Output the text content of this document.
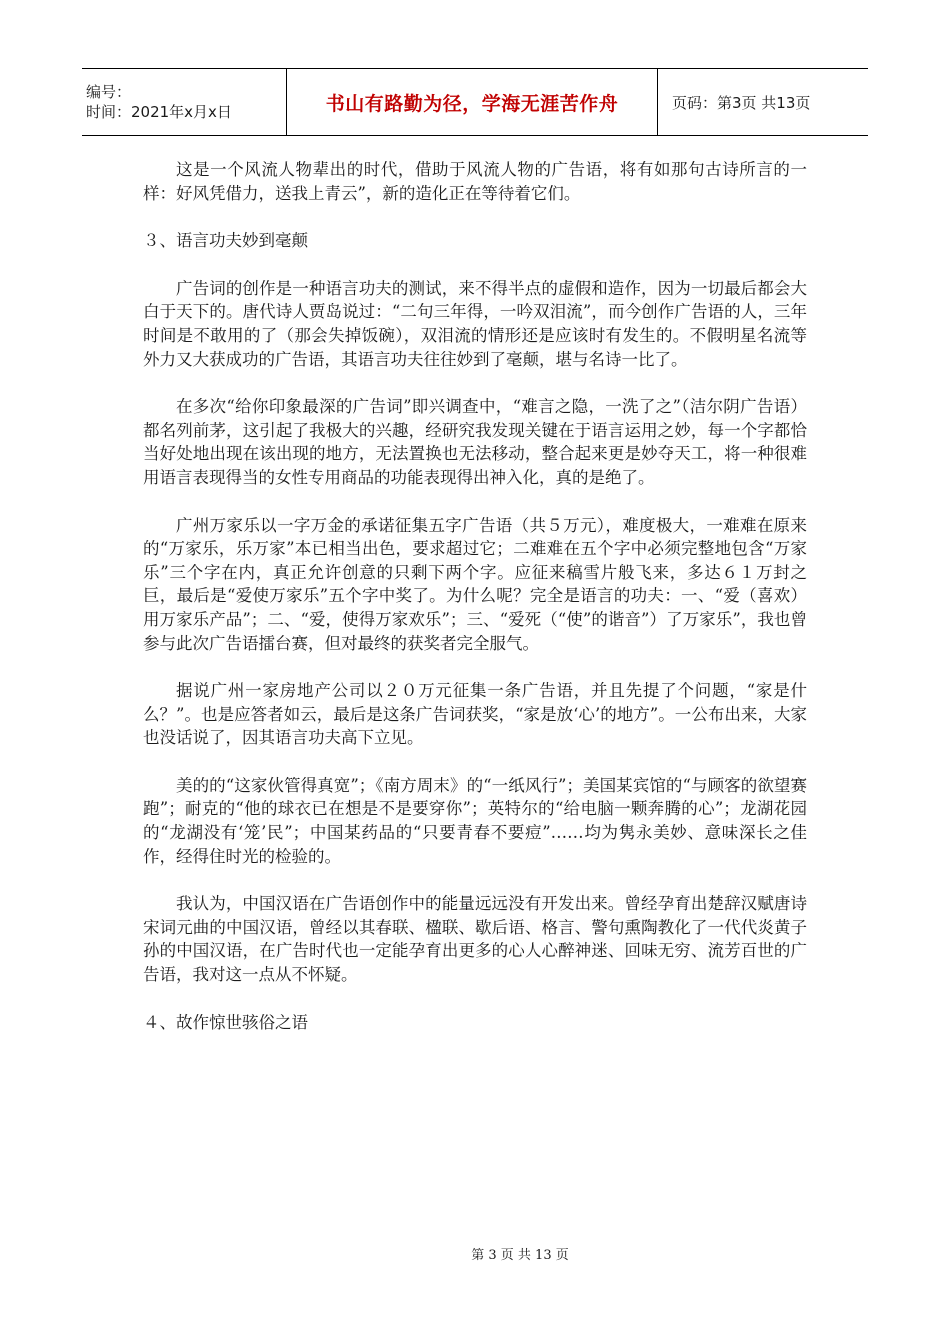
编号：
时间：2021年x月x日	书山有路勤为径，学海无涯苦作舟	页码：第3页 共13页

这是一个风流人物辈出的时代，借助于风流人物的广告语，将有如那句古诗所言的一样：好风凭借力，送我上青云”，新的造化正在等待着它们。

３、语言功夫妙到毫颠

广告词的创作是一种语言功夫的测试，来不得半点的虚假和造作，因为一切最后都会大白于天下的。唐代诗人贾岛说过：“二句三年得，一吟双泪流”，而今创作广告语的人，三年时间是不敢用的了（那会失掉饭碗），双泪流的情形还是应该时有发生的。不假明星名流等外力又大获成功的广告语，其语言功夫往往妙到了毫颠，堪与名诗一比了。

在多次“给你印象最深的广告词”即兴调查中，“难言之隐，一洗了之”（洁尔阴广告语）都名列前茅，这引起了我极大的兴趣，经研究我发现关键在于语言运用之妙，每一个字都恰当好处地出现在该出现的地方，无法置换也无法移动，整合起来更是妙夺天工，将一种很难用语言表现得当的女性专用商品的功能表现得出神入化，真的是绝了。

广州万家乐以一字万金的承诺征集五字广告语（共５万元），难度极大，一难难在原来的“万家乐，乐万家”本已相当出色，要求超过它；二难难在五个字中必须完整地包含“万家乐”三个字在内，真正允许创意的只剩下两个字。应征来稿雪片般飞来，多达６１万封之巨，最后是“爱使万家乐”五个字中奖了。为什么呢？完全是语言的功夫：一、“爱（喜欢）用万家乐产品”；二、“爱，使得万家欢乐”；三、“爱死（“使”的谐音”）了万家乐”，我也曾参与此次广告语擂台赛，但对最终的获奖者完全服气。

据说广州一家房地产公司以２０万元征集一条广告语，并且先提了个问题，“家是什么？”。也是应答者如云，最后是这条广告词获奖，“家是放‘心’的地方”。一公布出来，大家也没话说了，因其语言功夫高下立见。

美的的“这家伙管得真宽”；《南方周末》的“一纸风行”；美国某宾馆的“与顾客的欲望赛跑”；耐克的“他的球衣已在想是不是要穿你”；英特尔的“给电脑一颗奔腾的心”；龙湖花园的“龙湖没有‘笼’民”；中国某药品的“只要青春不要痘”……均为隽永美妙、意味深长之佳作，经得住时光的检验的。

我认为，中国汉语在广告语创作中的能量远远没有开发出来。曾经孕育出楚辞汉赋唐诗宋词元曲的中国汉语，曾经以其春联、楹联、歇后语、格言、警句熏陶教化了一代代炎黄子孙的中国汉语，在广告时代也一定能孕育出更多的心人心醉神迷、回味无穷、流芳百世的广告语，我对这一点从不怀疑。

４、故作惊世骇俗之语

第 3 页 共 13 页
